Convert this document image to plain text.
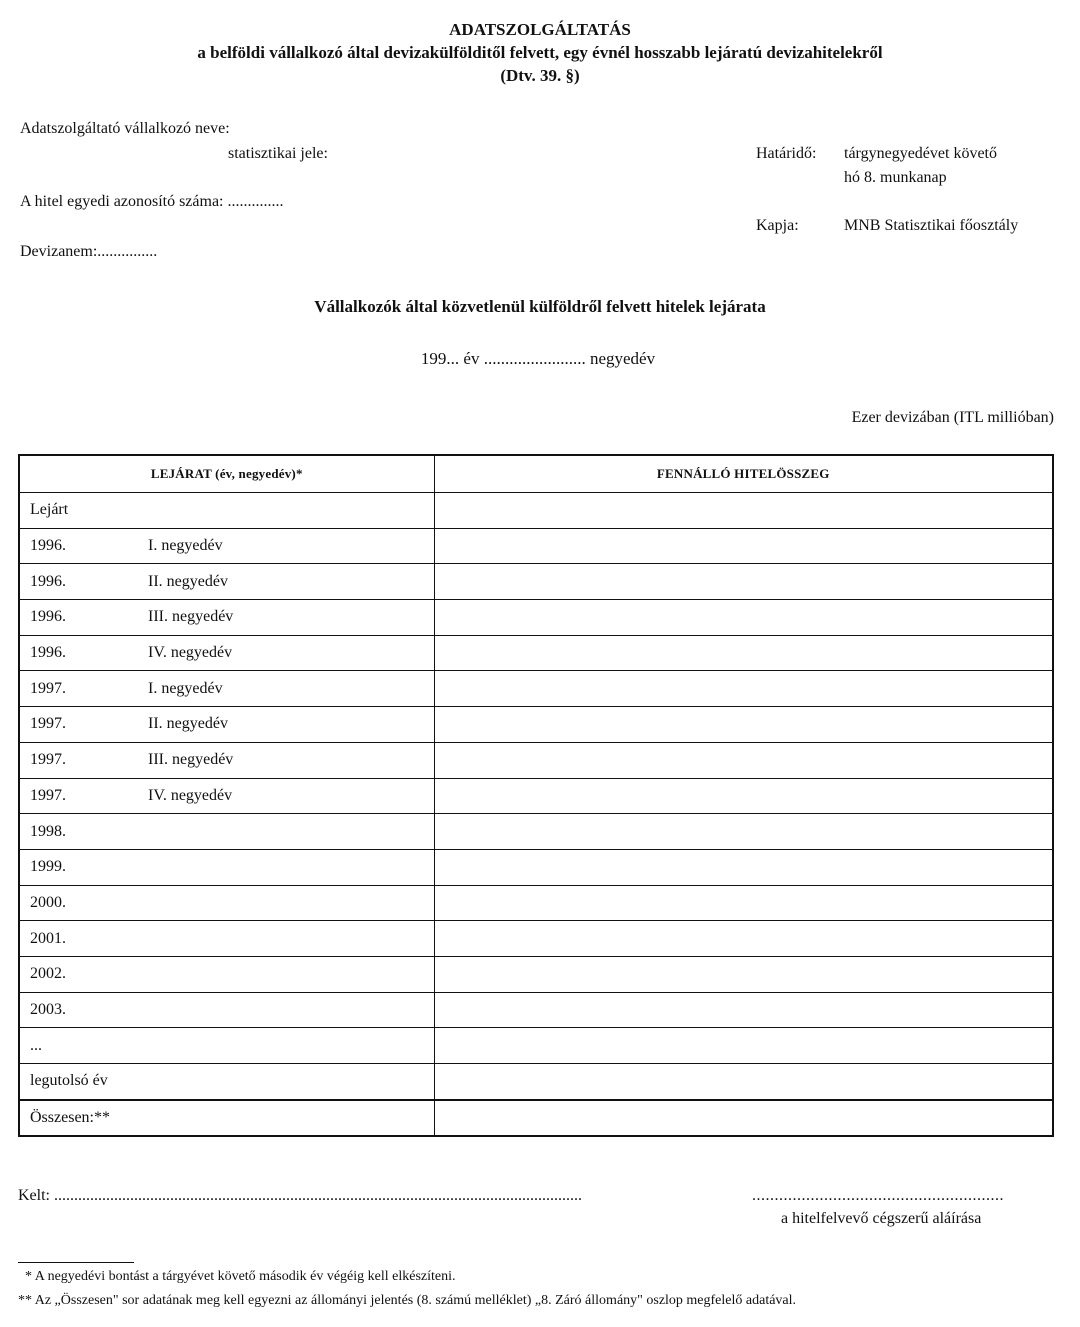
ADATSZOLGÁLTATÁS
a belföldi vállalkozó által devizakülfölditől felvett, egy évnél hosszabb lejáratú devizahitelekről
(Dtv. 39. §)
Adatszolgáltató vállalkozó neve:
statisztikai jele:
A hitel egyedi azonosító száma: ..............
Devizanem:...............
Határidő: tárgynegyedévet követő
hó 8. munkanap
Kapja:	MNB Statisztikai főosztály
Vállalkozók által közvetlenül külföldről felvett hitelek lejárata
199... év ........................ negyedév
Ezer devizában (ITL millióban)
LEJÁRAT (év, negyedév)*	FENNÁLLÓ HITELÖSSZEG
Lejárt	
1996. I. negyedév	
1996. II. negyedév	
1996. III. negyedév	
1996. IV. negyedév	
1997. I. negyedév	
1997. II. negyedév	
1997. III. negyedév	
1997. IV. negyedév	
1998.	
1999.	
2000.	
2001.	
2002.	
2003.	
...	
legutolsó év	
Összesen:**	
Kelt: ....................................................................................................................................	........................................................
a hitelfelvevő cégszerű aláírása
* A negyedévi bontást a tárgyévet követő második év végéig kell elkészíteni.
** Az „Összesen" sor adatának meg kell egyezni az állományi jelentés (8. számú melléklet) „8. Záró állomány" oszlop megfelelő adatával.
